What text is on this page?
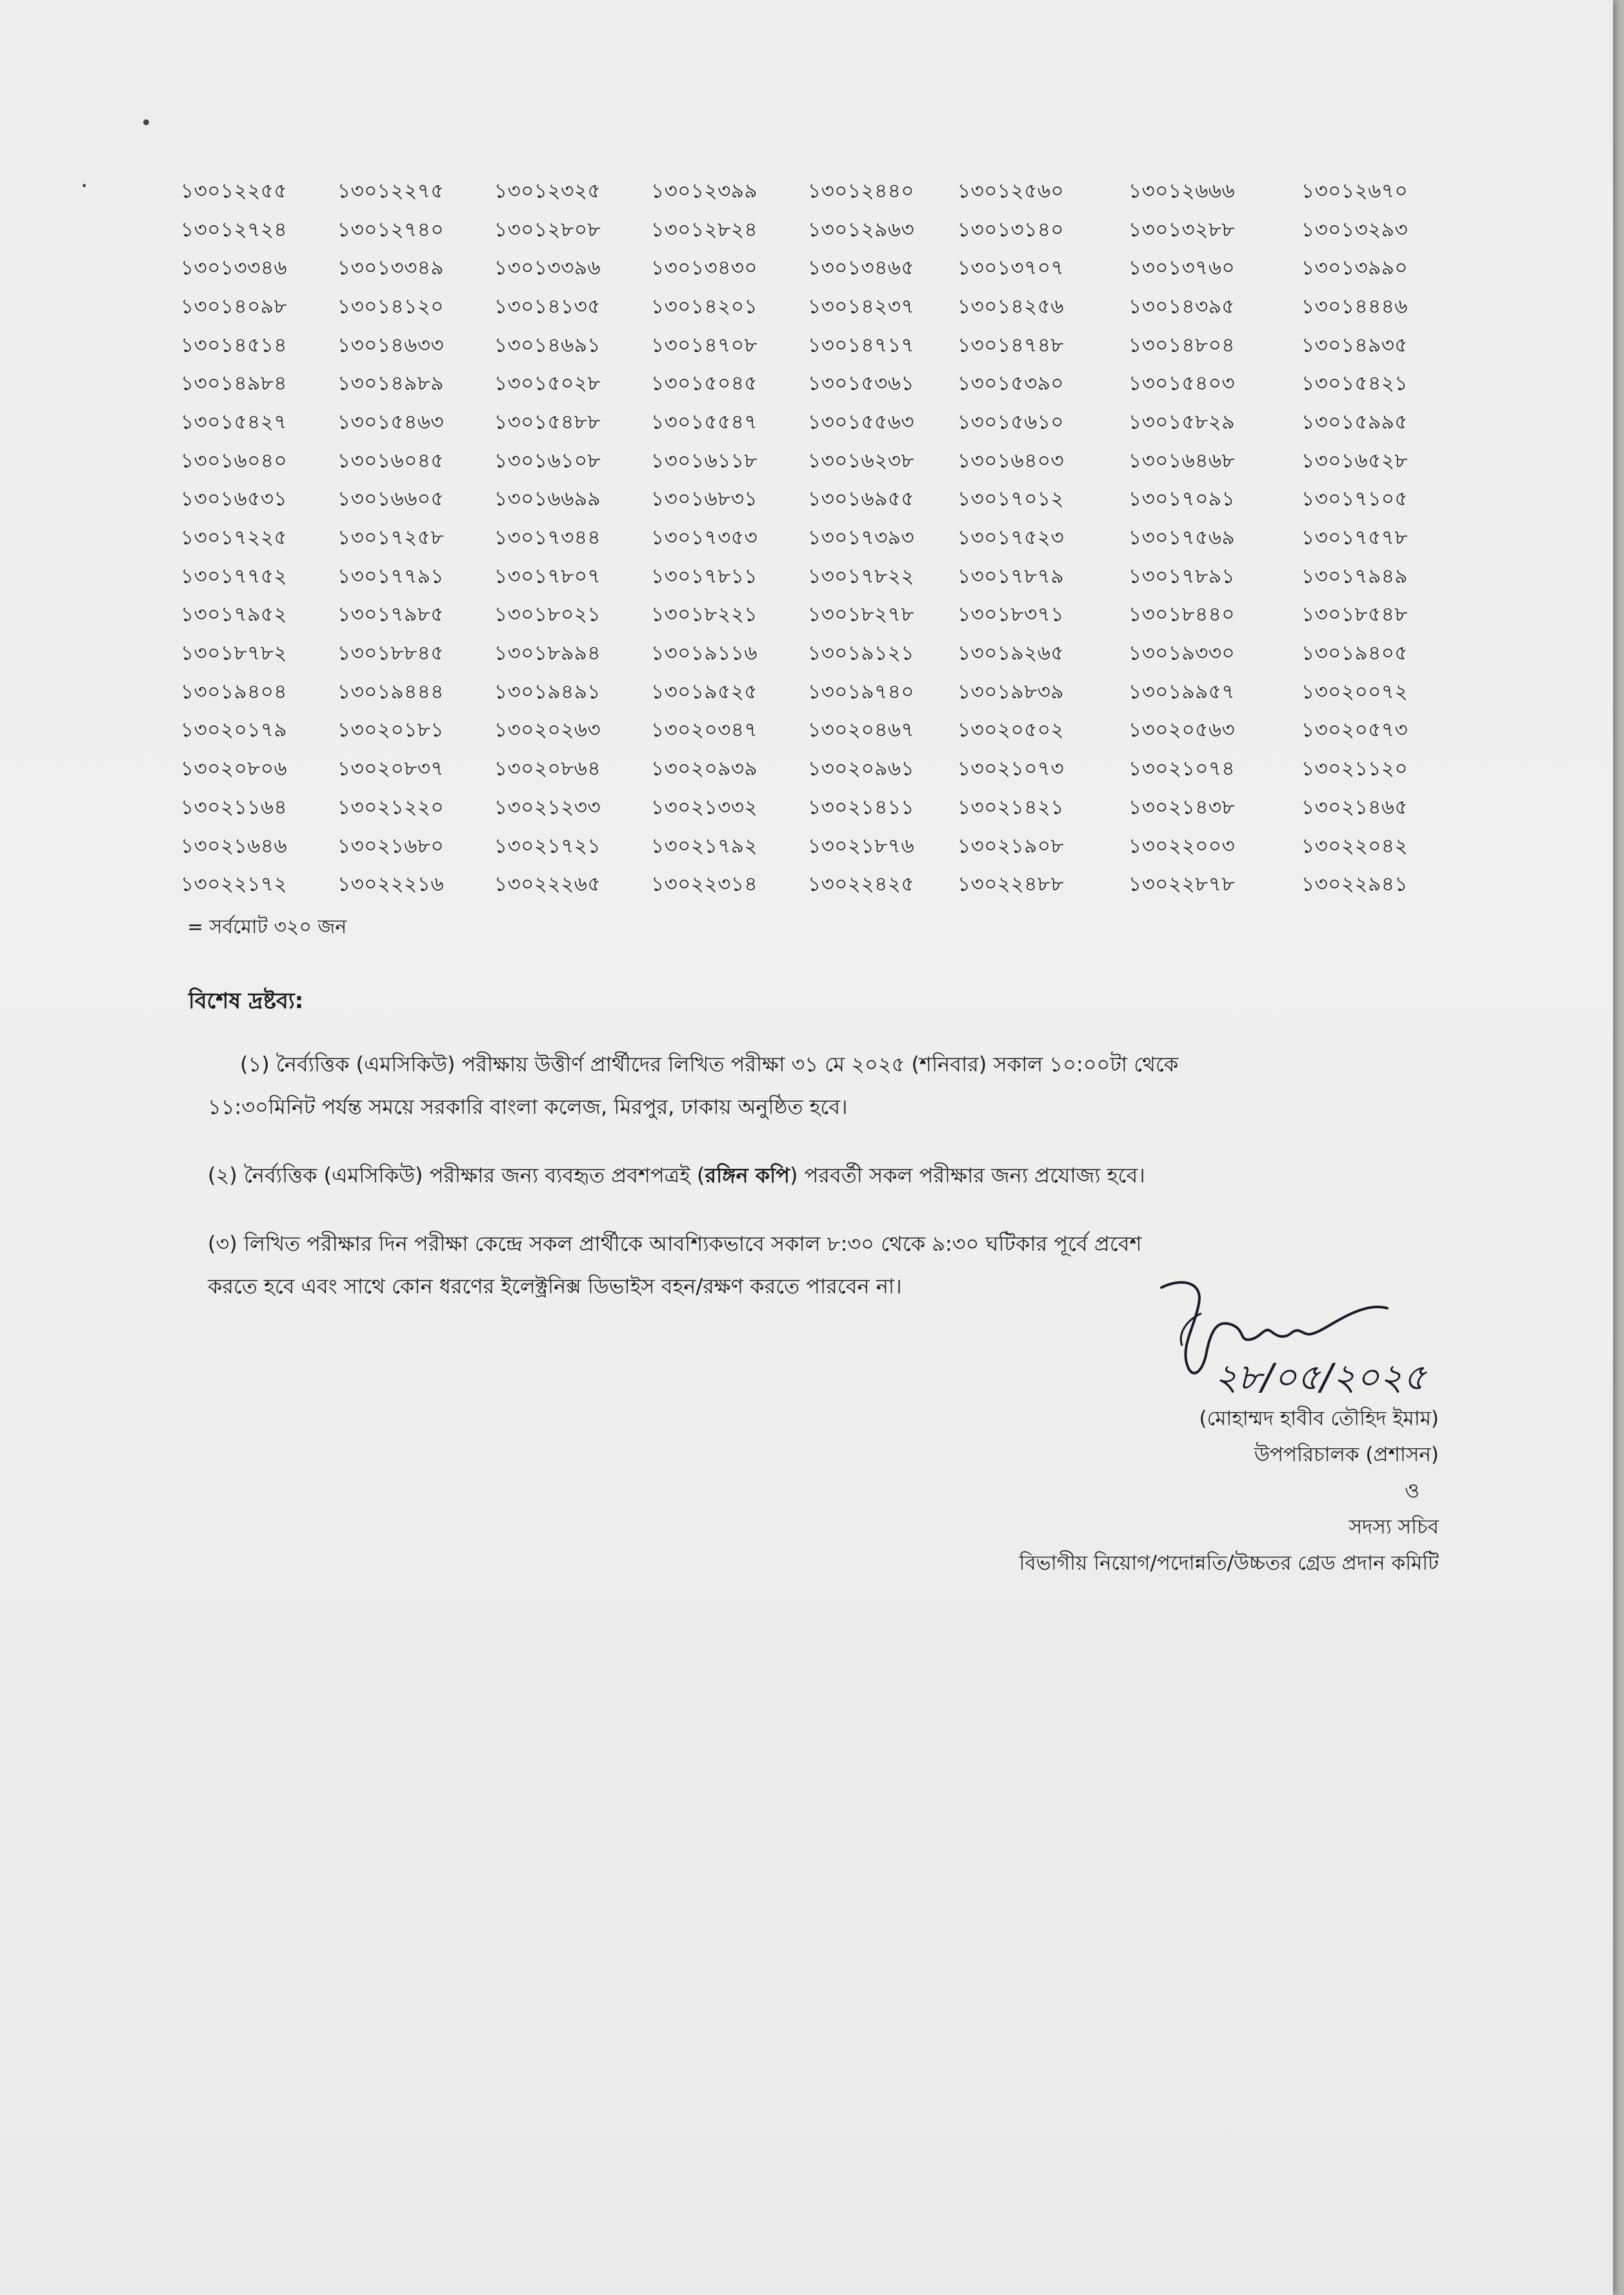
১৩০১২২৫৫	১৩০১২২৭৫	১৩০১২৩২৫	১৩০১২৩৯৯	১৩০১২৪৪০	১৩০১২৫৬০	১৩০১২৬৬৬	১৩০১২৬৭০
১৩০১২৭২৪	১৩০১২৭৪০	১৩০১২৮০৮	১৩০১২৮২৪	১৩০১২৯৬৩	১৩০১৩১৪০	১৩০১৩২৮৮	১৩০১৩২৯৩
১৩০১৩৩৪৬	১৩০১৩৩৪৯	১৩০১৩৩৯৬	১৩০১৩৪৩০	১৩০১৩৪৬৫	১৩০১৩৭০৭	১৩০১৩৭৬০	১৩০১৩৯৯০
১৩০১৪০৯৮	১৩০১৪১২০	১৩০১৪১৩৫	১৩০১৪২০১	১৩০১৪২৩৭	১৩০১৪২৫৬	১৩০১৪৩৯৫	১৩০১৪৪৪৬
১৩০১৪৫১৪	১৩০১৪৬৩৩	১৩০১৪৬৯১	১৩০১৪৭০৮	১৩০১৪৭১৭	১৩০১৪৭৪৮	১৩০১৪৮০৪	১৩০১৪৯৩৫
১৩০১৪৯৮৪	১৩০১৪৯৮৯	১৩০১৫০২৮	১৩০১৫০৪৫	১৩০১৫৩৬১	১৩০১৫৩৯০	১৩০১৫৪০৩	১৩০১৫৪২১
১৩০১৫৪২৭	১৩০১৫৪৬৩	১৩০১৫৪৮৮	১৩০১৫৫৪৭	১৩০১৫৫৬৩	১৩০১৫৬১০	১৩০১৫৮২৯	১৩০১৫৯৯৫
১৩০১৬০৪০	১৩০১৬০৪৫	১৩০১৬১০৮	১৩০১৬১১৮	১৩০১৬২৩৮	১৩০১৬৪০৩	১৩০১৬৪৬৮	১৩০১৬৫২৮
১৩০১৬৫৩১	১৩০১৬৬০৫	১৩০১৬৬৯৯	১৩০১৬৮৩১	১৩০১৬৯৫৫	১৩০১৭০১২	১৩০১৭০৯১	১৩০১৭১০৫
১৩০১৭২২৫	১৩০১৭২৫৮	১৩০১৭৩৪৪	১৩০১৭৩৫৩	১৩০১৭৩৯৩	১৩০১৭৫২৩	১৩০১৭৫৬৯	১৩০১৭৫৭৮
১৩০১৭৭৫২	১৩০১৭৭৯১	১৩০১৭৮০৭	১৩০১৭৮১১	১৩০১৭৮২২	১৩০১৭৮৭৯	১৩০১৭৮৯১	১৩০১৭৯৪৯
১৩০১৭৯৫২	১৩০১৭৯৮৫	১৩০১৮০২১	১৩০১৮২২১	১৩০১৮২৭৮	১৩০১৮৩৭১	১৩০১৮৪৪০	১৩০১৮৫৪৮
১৩০১৮৭৮২	১৩০১৮৮৪৫	১৩০১৮৯৯৪	১৩০১৯১১৬	১৩০১৯১২১	১৩০১৯২৬৫	১৩০১৯৩৩০	১৩০১৯৪০৫
১৩০১৯৪০৪	১৩০১৯৪৪৪	১৩০১৯৪৯১	১৩০১৯৫২৫	১৩০১৯৭৪০	১৩০১৯৮৩৯	১৩০১৯৯৫৭	১৩০২০০৭২
১৩০২০১৭৯	১৩০২০১৮১	১৩০২০২৬৩	১৩০২০৩৪৭	১৩০২০৪৬৭	১৩০২০৫০২	১৩০২০৫৬৩	১৩০২০৫৭৩
১৩০২০৮০৬	১৩০২০৮৩৭	১৩০২০৮৬৪	১৩০২০৯৩৯	১৩০২০৯৬১	১৩০২১০৭৩	১৩০২১০৭৪	১৩০২১১২০
১৩০২১১৬৪	১৩০২১২২০	১৩০২১২৩৩	১৩০২১৩৩২	১৩০২১৪১১	১৩০২১৪২১	১৩০২১৪৩৮	১৩০২১৪৬৫
১৩০২১৬৪৬	১৩০২১৬৮০	১৩০২১৭২১	১৩০২১৭৯২	১৩০২১৮৭৬	১৩০২১৯০৮	১৩০২২০০৩	১৩০২২০৪২
১৩০২২১৭২	১৩০২২২১৬	১৩০২২২৬৫	১৩০২২৩১৪	১৩০২২৪২৫	১৩০২২৪৮৮	১৩০২২৮৭৮	১৩০২২৯৪১
= সর্বমোট ৩২০ জন
বিশেষ দ্রষ্টব্য:
(১) নৈর্ব্যত্তিক (এমসিকিউ) পরীক্ষায় উত্তীর্ণ প্রার্থীদের লিখিত পরীক্ষা ৩১ মে ২০২৫ (শনিবার) সকাল ১০:০০টা থেকে
১১:৩০মিনিট পর্যন্ত সময়ে সরকারি বাংলা কলেজ, মিরপুর, ঢাকায় অনুষ্ঠিত হবে।
(২) নৈর্ব্যত্তিক (এমসিকিউ) পরীক্ষার জন্য ব্যবহৃত প্রবশপত্রই (রঙ্গিন কপি) পরবর্তী সকল পরীক্ষার জন্য প্রযোজ্য হবে।
(৩) লিখিত পরীক্ষার দিন পরীক্ষা কেন্দ্রে সকল প্রার্থীকে আবশ্যিকভাবে সকাল ৮:৩০ থেকে ৯:৩০ ঘটিকার পূর্বে প্রবেশ
করতে হবে এবং সাথে কোন ধরণের ইলেক্ট্রনিক্স ডিভাইস বহন/রক্ষণ করতে পারবেন না।
২৮/০৫/২০২৫
(মোহাম্মদ হাবীব তৌহিদ ইমাম)
উপপরিচালক (প্রশাসন)
ও
সদস্য সচিব
বিভাগীয় নিয়োগ/পদোন্নতি/উচ্চতর গ্রেড প্রদান কমিটি
